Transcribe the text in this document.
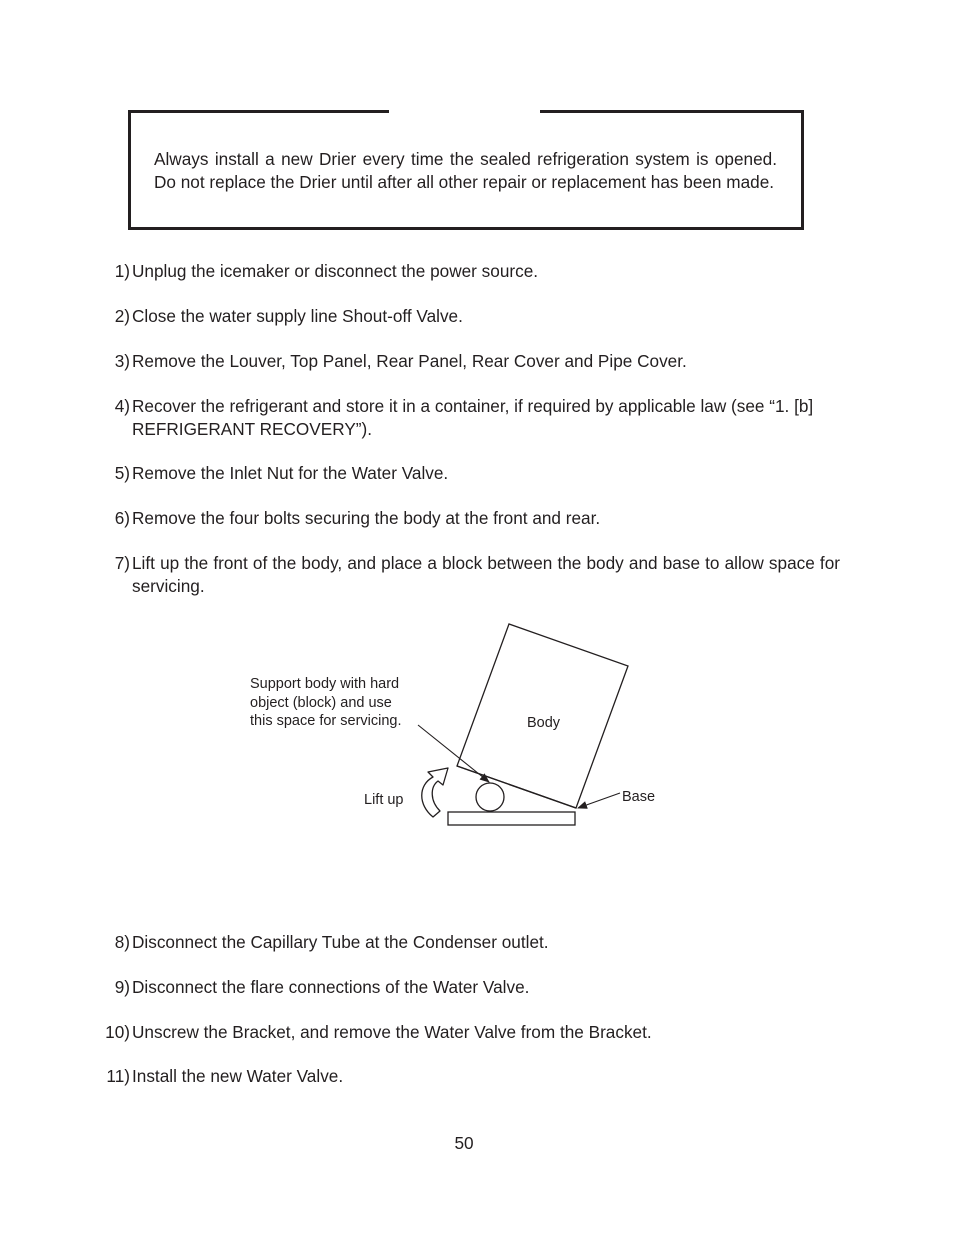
Always install a new Drier every time the sealed refrigeration system is opened. Do not replace the Drier until after all other repair or replacement has been made.
1) Unplug the icemaker or disconnect the power source.
2) Close the water supply line Shout-off Valve.
3) Remove the Louver, Top Panel, Rear Panel, Rear Cover and Pipe Cover.
4) Recover the refrigerant and store it in a container, if required by applicable law (see “1. [b] REFRIGERANT RECOVERY”).
5) Remove the Inlet Nut for the Water Valve.
6) Remove the four bolts securing the body at the front and rear.
7) Lift up the front of the body, and place a block between the body and base to allow space for servicing.
8) Disconnect the Capillary Tube at the Condenser outlet.
9) Disconnect the flare connections of the Water Valve.
10) Unscrew the Bracket, and remove the Water Valve from the Bracket.
11) Install the new Water Valve.
Support body with hard
object (block) and use
this space for servicing.	Body
Lift up	Base
50
